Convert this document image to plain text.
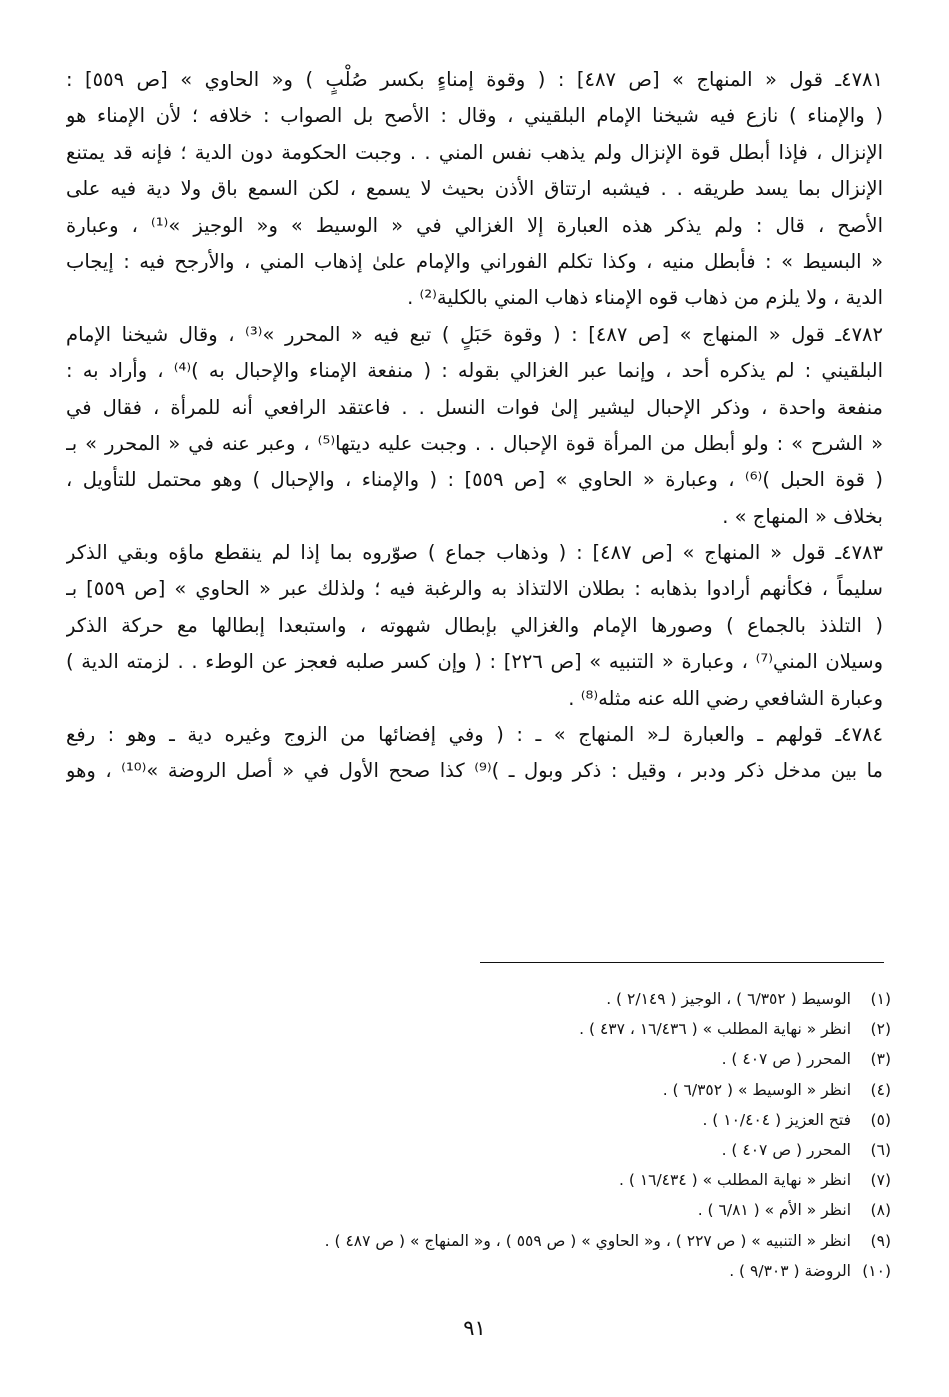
٤٧٨١ـ قول « المنهاج » [ص ٤٨٧] : ( وقوة إمناءٍ بكسر صُلْبٍ ) و« الحاوي » [ص ٥٥٩] :
( والإمناء ) نازع فيه شيخنا الإمام البلقيني ، وقال : الأصح بل الصواب : خلافه ؛ لأن الإمناء هو
الإنزال ، فإذا أبطل قوة الإنزال ولم يذهب نفس المني . . وجبت الحكومة دون الدية ؛ فإنه قد يمتنع
الإنزال بما يسد طريقه . . فيشبه ارتتاق الأذن بحيث لا يسمع ، لكن السمع باق ولا دية فيه على
الأصح ، قال : ولم يذكر هذه العبارة إلا الغزالي في « الوسيط » و« الوجيز »⁽¹⁾ ، وعبارة
« البسيط » : فأبطل منيه ، وكذا تكلم الفوراني والإمام علىٰ إذهاب المني ، والأرجح فيه : إيجاب
الدية ، ولا يلزم من ذهاب قوه الإمناء ذهاب المني بالكلية⁽²⁾ .
٤٧٨٢ـ قول « المنهاج » [ص ٤٨٧] : ( وقوة حَبَلٍ ) تبع فيه « المحرر »⁽³⁾ ، وقال شيخنا الإمام
البلقيني : لم يذكره أحد ، وإنما عبر الغزالي بقوله : ( منفعة الإمناء والإحبال به )⁽⁴⁾ ، وأراد به :
منفعة واحدة ، وذكر الإحبال ليشير إلىٰ فوات النسل . . فاعتقد الرافعي أنه للمرأة ، فقال في
« الشرح » : ولو أبطل من المرأة قوة الإحبال . . وجبت عليه ديتها⁽⁵⁾ ، وعبر عنه في « المحرر » بـ
( قوة الحبل )⁽⁶⁾ ، وعبارة « الحاوي » [ص ٥٥٩] : ( والإمناء ، والإحبال ) وهو محتمل للتأويل ،
بخلاف « المنهاج » .
٤٧٨٣ـ قول « المنهاج » [ص ٤٨٧] : ( وذهاب جماع ) صوّروه بما إذا لم ينقطع ماؤه وبقي الذكر
سليماً ، فكأنهم أرادوا بذهابه : بطلان الالتذاذ به والرغبة فيه ؛ ولذلك عبر « الحاوي » [ص ٥٥٩] بـ
( التلذذ بالجماع ) وصورها الإمام والغزالي بإبطال شهوته ، واستبعدا إبطالها مع حركة الذكر
وسيلان المني⁽⁷⁾ ، وعبارة « التنبيه » [ص ٢٢٦] : ( وإن كسر صلبه فعجز عن الوطء . . لزمته الدية )
وعبارة الشافعي رضي الله عنه مثله⁽⁸⁾ .
٤٧٨٤ـ قولهم ـ والعبارة لـ« المنهاج » ـ : ( وفي إفضائها من الزوج وغيره دية ـ وهو : رفع
ما بين مدخل ذكر ودبر ، وقيل : ذكر وبول ـ )⁽⁹⁾ كذا صحح الأول في « أصل الروضة »⁽¹⁰⁾ ، وهو
(١)
الوسيط ( ٦/٣٥٢ ) ، الوجيز ( ٢/١٤٩ ) .
(٢)
انظر « نهاية المطلب » ( ١٦/٤٣٦ ، ٤٣٧ ) .
(٣)
المحرر ( ص ٤٠٧ ) .
(٤)
انظر « الوسيط » ( ٦/٣٥٢ ) .
(٥)
فتح العزيز ( ١٠/٤٠٤ ) .
(٦)
المحرر ( ص ٤٠٧ ) .
(٧)
انظر « نهاية المطلب » ( ١٦/٤٣٤ ) .
(٨)
انظر « الأم » ( ٦/٨١ ) .
(٩)
انظر « التنبيه » ( ص ٢٢٧ ) ، و« الحاوي » ( ص ٥٥٩ ) ، و« المنهاج » ( ص ٤٨٧ ) .
(١٠)
الروضة ( ٩/٣٠٣ ) .
٩١
